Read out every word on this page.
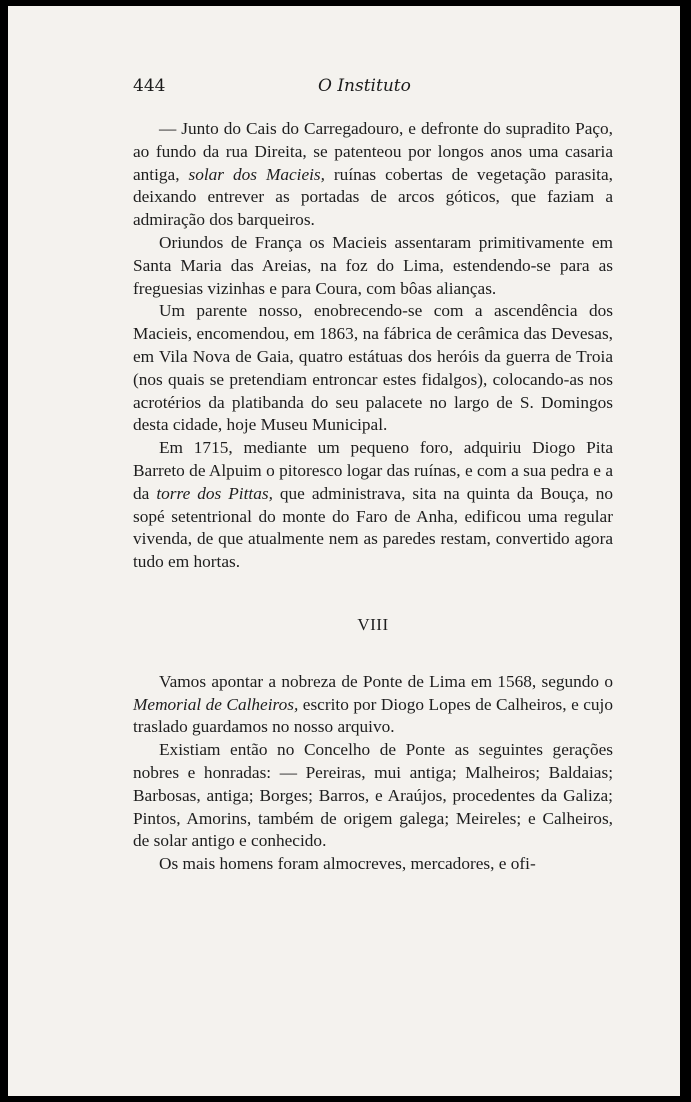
444	O Instituto

— Junto do Cais do Carregadouro, e defronte do supradito Paço, ao fundo da rua Direita, se patenteou por longos anos uma casaria antiga, solar dos Macieis, ruínas cobertas de vegetação parasita, deixando entrever as portadas de arcos góticos, que faziam a admiração dos barqueiros.

Oriundos de França os Macieis assentaram primitivamente em Santa Maria das Areias, na foz do Lima, estendendo-se para as freguesias vizinhas e para Coura, com bôas alianças.

Um parente nosso, enobrecendo-se com a ascendência dos Macieis, encomendou, em 1863, na fábrica de cerâmica das Devesas, em Vila Nova de Gaia, quatro estátuas dos heróis da guerra de Troia (nos quais se pretendiam entroncar estes fidalgos), colocando-as nos acrotérios da platibanda do seu palacete no largo de S. Domingos desta cidade, hoje Museu Municipal.

Em 1715, mediante um pequeno foro, adquiriu Diogo Pita Barreto de Alpuim o pitoresco logar das ruínas, e com a sua pedra e a da torre dos Pittas, que administrava, sita na quinta da Bouça, no sopé setentrional do monte do Faro de Anha, edificou uma regular vivenda, de que atualmente nem as paredes restam, convertido agora tudo em hortas.

VIII

Vamos apontar a nobreza de Ponte de Lima em 1568, segundo o Memorial de Calheiros, escrito por Diogo Lopes de Calheiros, e cujo traslado guardamos no nosso arquivo.

Existiam então no Concelho de Ponte as seguintes gerações nobres e honradas: — Pereiras, mui antiga; Malheiros; Baldaias; Barbosas, antiga; Borges; Barros, e Araújos, procedentes da Galiza; Pintos, Amorins, também de origem galega; Meireles; e Calheiros, de solar antigo e conhecido.

Os mais homens foram almocreves, mercadores, e ofi-
